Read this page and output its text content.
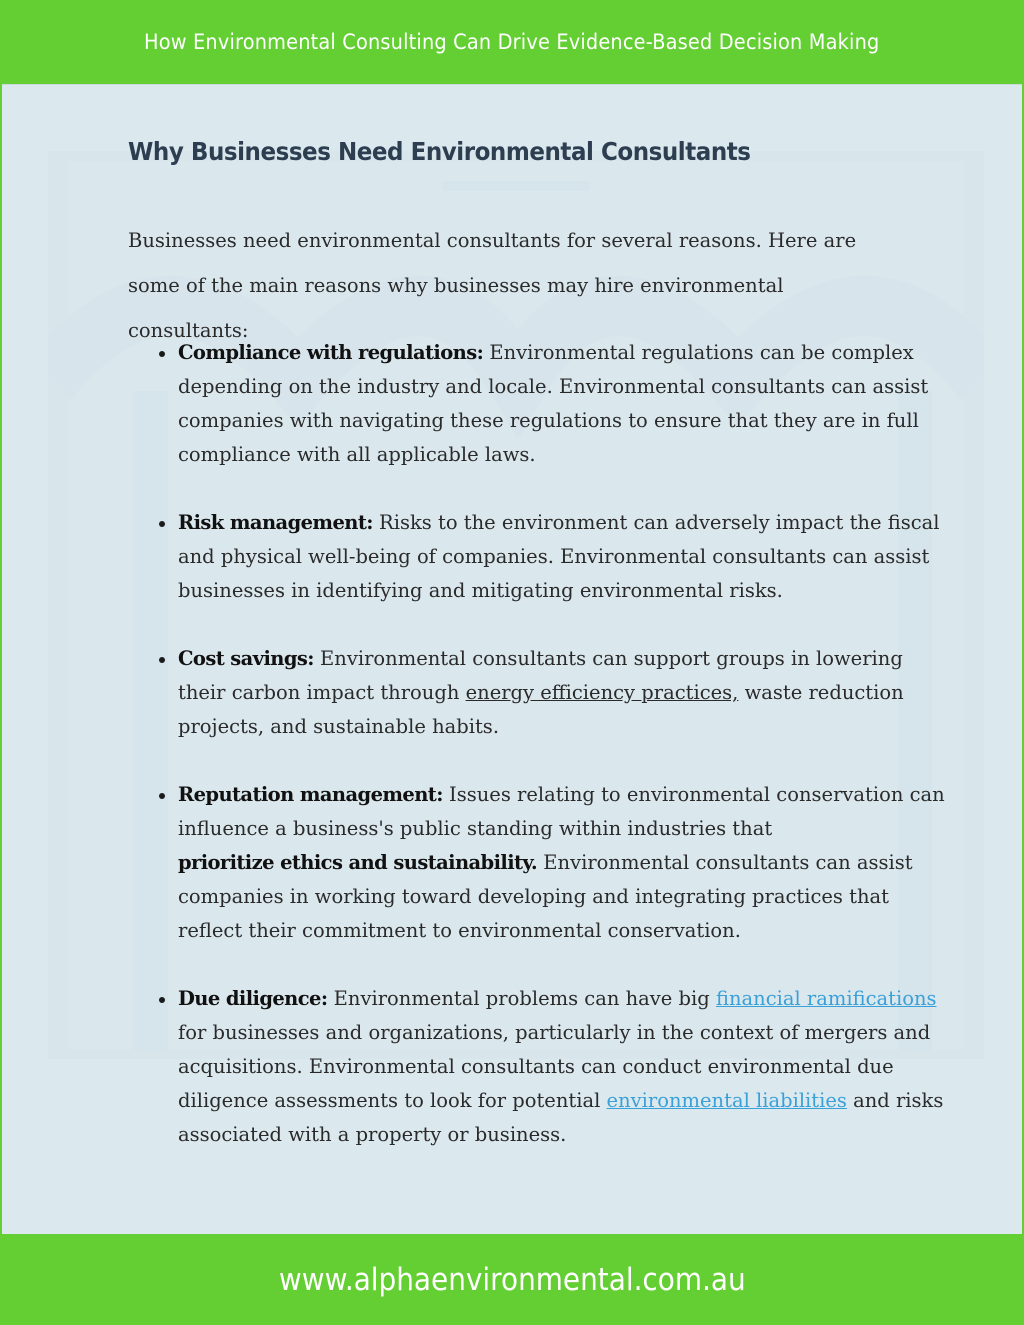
How Environmental Consulting Can Drive Evidence-Based Decision Making
Why Businesses Need Environmental Consultants

Businesses need environmental consultants for several reasons. Here are some of the main reasons why businesses may hire environmental consultants:

Compliance with regulations: Environmental regulations can be complex depending on the industry and locale. Environmental consultants can assist companies with navigating these regulations to ensure that they are in full compliance with all applicable laws.
Risk management: Risks to the environment can adversely impact the fiscal and physical well-being of companies. Environmental consultants can assist businesses in identifying and mitigating environmental risks.
Cost savings: Environmental consultants can support groups in lowering their carbon impact through energy efficiency practices, waste reduction projects, and sustainable habits.
Reputation management: Issues relating to environmental conservation can influence a business's public standing within industries that
prioritize ethics and sustainability. Environmental consultants can assist companies in working toward developing and integrating practices that reflect their commitment to environmental conservation.
Due diligence: Environmental problems can have big financial ramifications for businesses and organizations, particularly in the context of mergers and acquisitions. Environmental consultants can conduct environmental due diligence assessments to look for potential environmental liabilities and risks associated with a property or business.
www.alphaenvironmental.com.au
